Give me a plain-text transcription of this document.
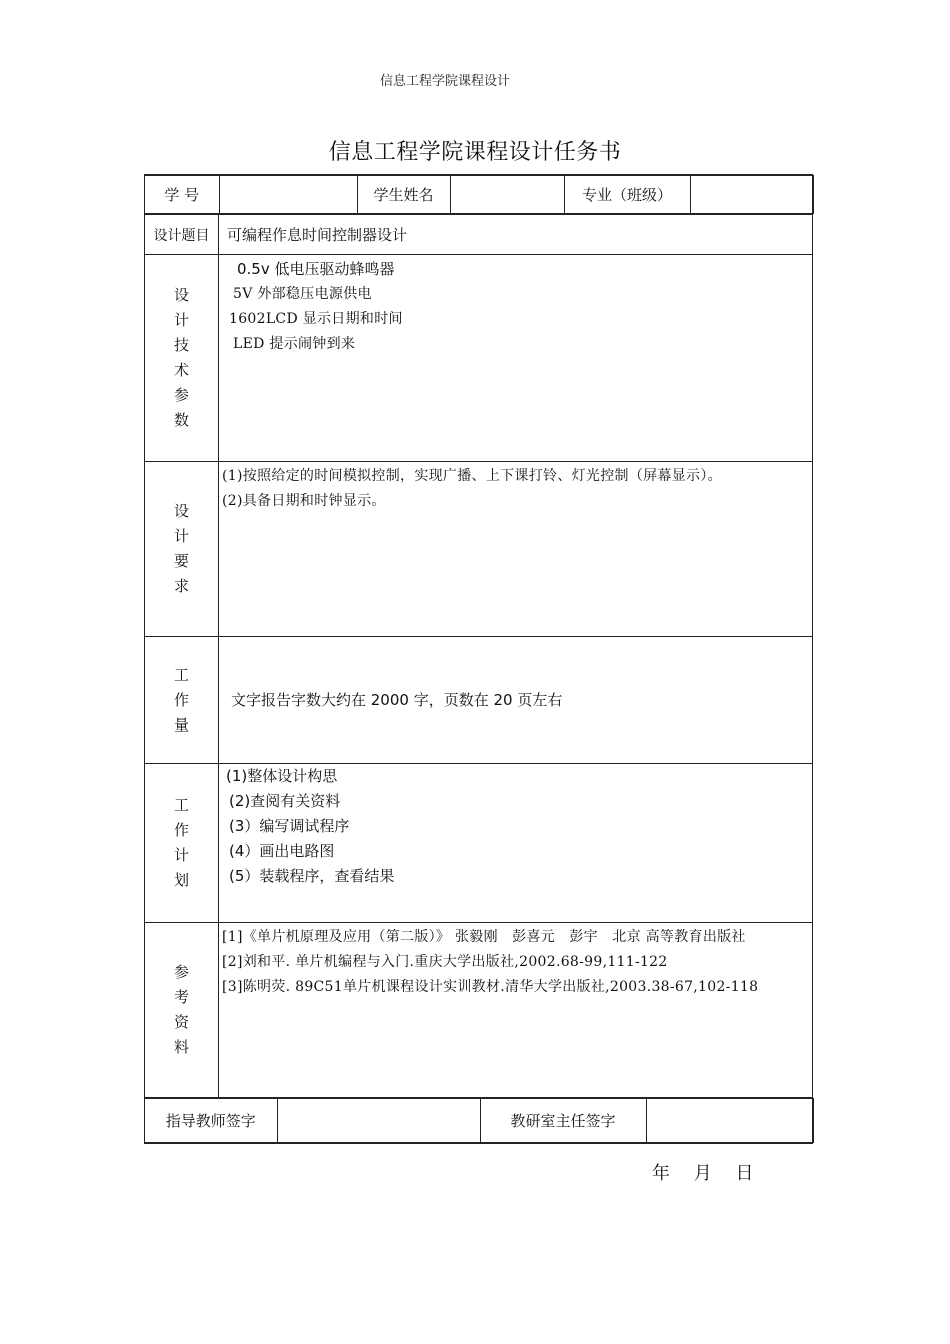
信息工程学院课程设计
信息工程学院课程设计任务书
学 号		学生姓名		专业（班级）	

设计题目	可编程作息时间控制器设计

设
计
技
术
参
数

0.5v 低电压驱动蜂鸣器
5V 外部稳压电源供电
1602LCD 显示日期和时间
LED 提示闹钟到来

设
计
要
求

(1)按照给定的时间模拟控制，实现广播、上下课打铃、灯光控制（屏幕显示）。
(2)具备日期和时钟显示。

工
作
量
	文字报告字数大约在 2000 字，页数在 20 页左右

工
作
计
划

(1)整体设计构思
(2)查阅有关资料
(3）编写调试程序
(4）画出电路图
(5）装载程序，查看结果

参
考
资
料

[1]《单片机原理及应用（第二版）》 张毅刚　彭喜元　彭宇　北京 高等教育出版社
[2]刘和平. 单片机编程与入门.重庆大学出版社,2002.68-99,111-122
[3]陈明荧. 89C51单片机课程设计实训教材.清华大学出版社,2003.38-67,102-118

指导教师签字		教研室主任签字	
年 月 日
